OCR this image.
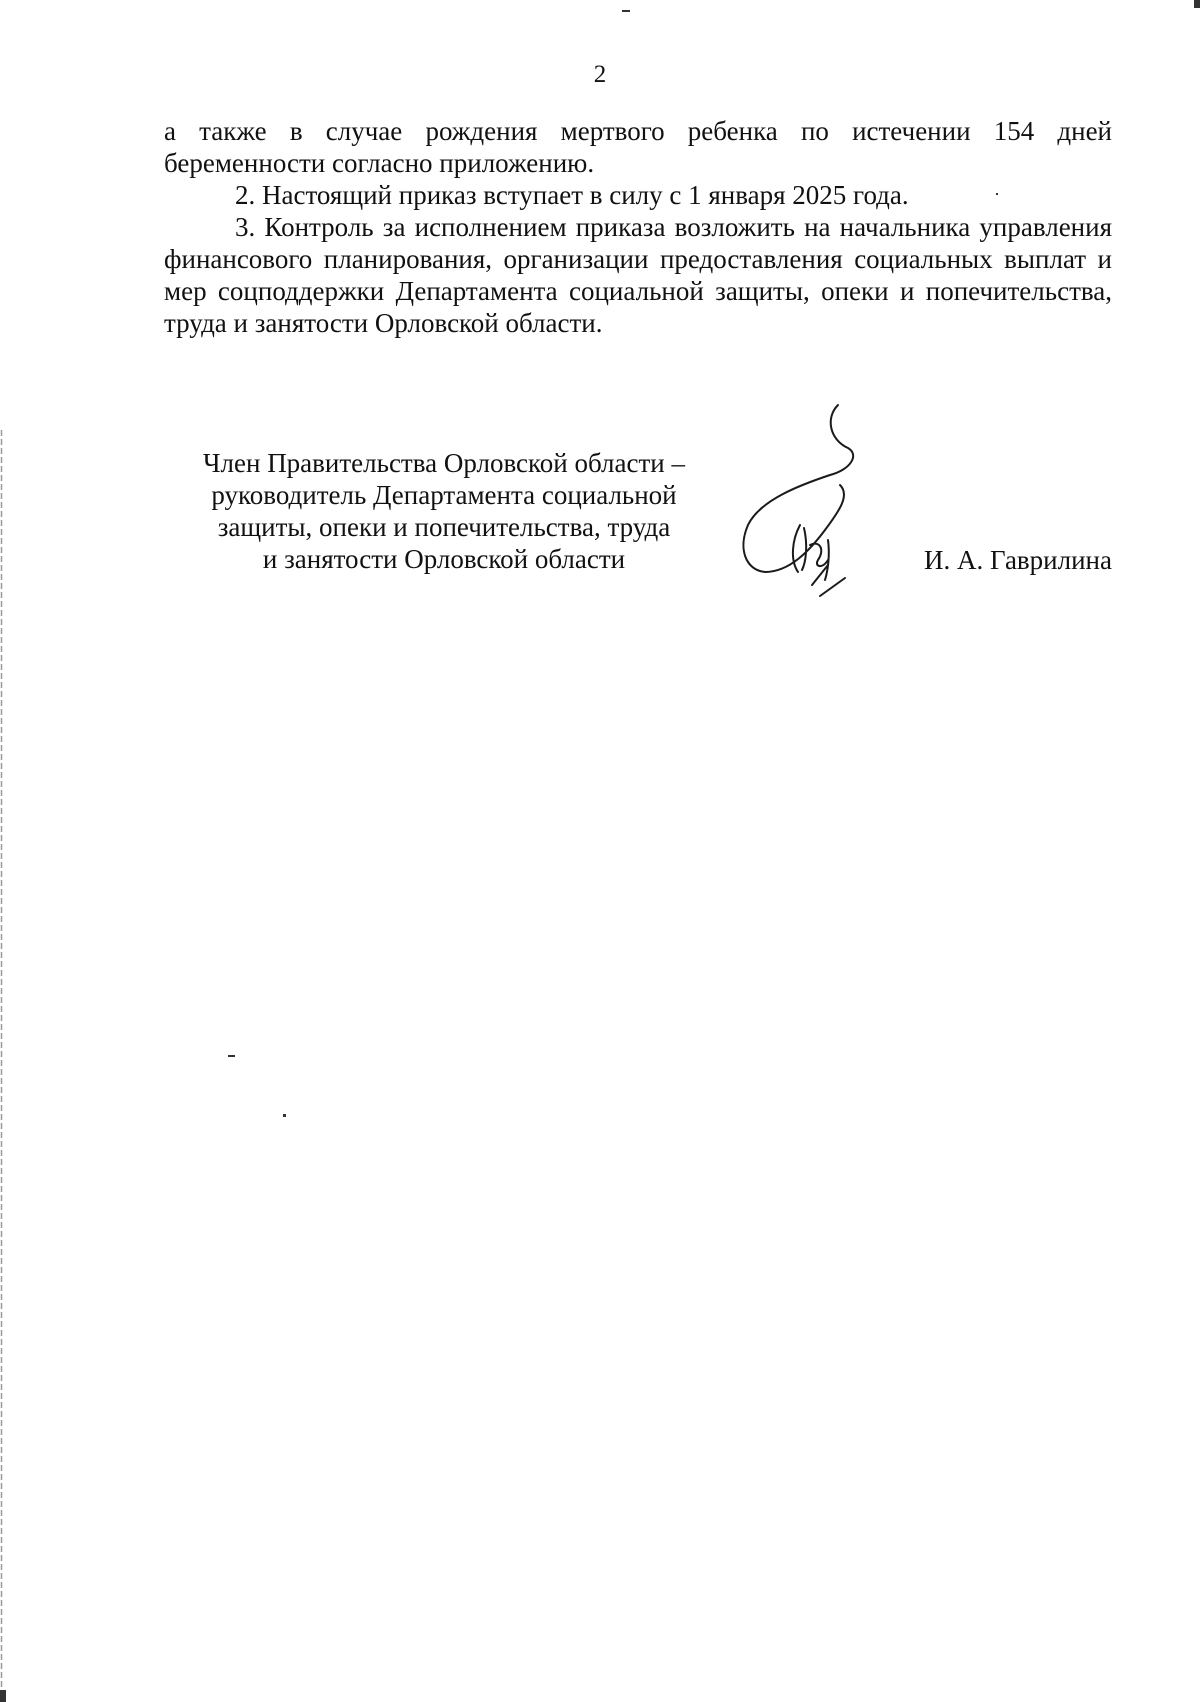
2

а также в случае рождения мертвого ребенка по истечении 154 дней беременности согласно приложению.

2. Настоящий приказ вступает в силу с 1 января 2025 года.

3. Контроль за исполнением приказа возложить на начальника управления финансового планирования, организации предоставления социальных выплат и мер соцподдержки Департамента социальной защиты, опеки и попечительства, труда и занятости Орловской области.

Член Правительства Орловской области –
руководитель Департамента социальной
защиты, опеки и попечительства, труда
и занятости Орловской области	И. А. Гаврилина
